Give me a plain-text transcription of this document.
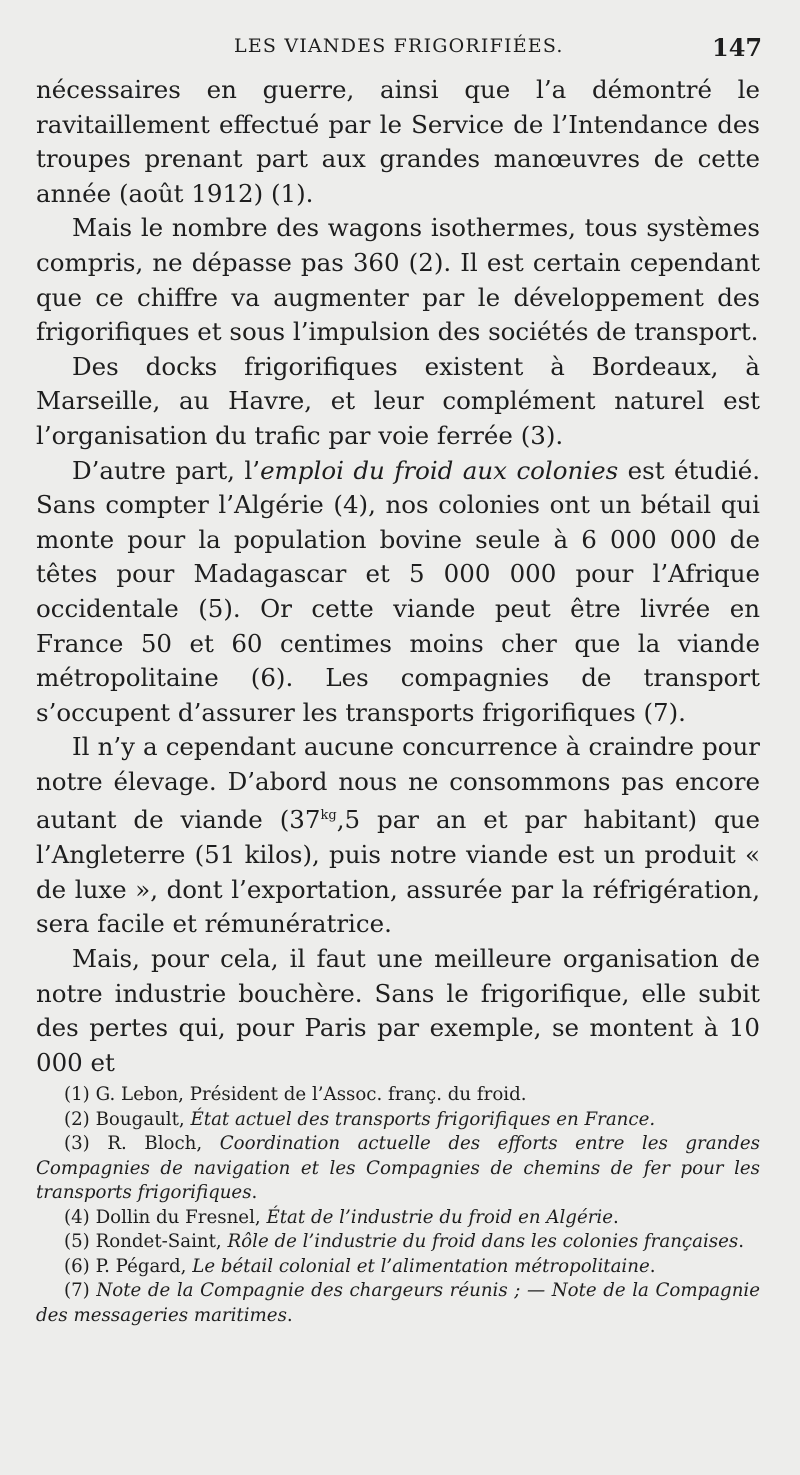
LES VIANDES FRIGORIFIÉES.	147

nécessaires en guerre, ainsi que l’a démontré le ravitaillement effectué par le Service de l’Intendance des troupes prenant part aux grandes manœuvres de cette année (août 1912) (1).

Mais le nombre des wagons isothermes, tous systèmes compris, ne dépasse pas 360 (2). Il est certain cependant que ce chiffre va augmenter par le développement des frigorifiques et sous l’impulsion des sociétés de transport.

Des docks frigorifiques existent à Bordeaux, à Marseille, au Havre, et leur complément naturel est l’organisation du trafic par voie ferrée (3).

D’autre part, l’emploi du froid aux colonies est étudié. Sans compter l’Algérie (4), nos colonies ont un bétail qui monte pour la population bovine seule à 6 000 000 de têtes pour Madagascar et 5 000 000 pour l’Afrique occidentale (5). Or cette viande peut être livrée en France 50 et 60 centimes moins cher que la viande métropolitaine (6). Les compagnies de transport s’occupent d’assurer les transports frigorifiques (7).

Il n’y a cependant aucune concurrence à craindre pour notre élevage. D’abord nous ne consommons pas encore autant de viande ($37^{kg},5$ par an et par habitant) que l’Angleterre (51 kilos), puis notre viande est un produit « de luxe », dont l’exportation, assurée par la réfrigération, sera facile et rémunératrice.

Mais, pour cela, il faut une meilleure organisation de notre industrie bouchère. Sans le frigorifique, elle subit des pertes qui, pour Paris par exemple, se montent à 10 000 et

(1) G. Lebon, Président de l’Assoc. franç. du froid.

(2) Bougault, État actuel des transports frigorifiques en France.

(3) R. Bloch, Coordination actuelle des efforts entre les grandes Compagnies de navigation et les Compagnies de chemins de fer pour les transports frigorifiques.

(4) Dollin du Fresnel, État de l’industrie du froid en Algérie.

(5) Rondet-Saint, Rôle de l’industrie du froid dans les colonies françaises.

(6) P. Pégard, Le bétail colonial et l’alimentation métropolitaine.

(7) Note de la Compagnie des chargeurs réunis ; — Note de la Compagnie des messageries maritimes.
